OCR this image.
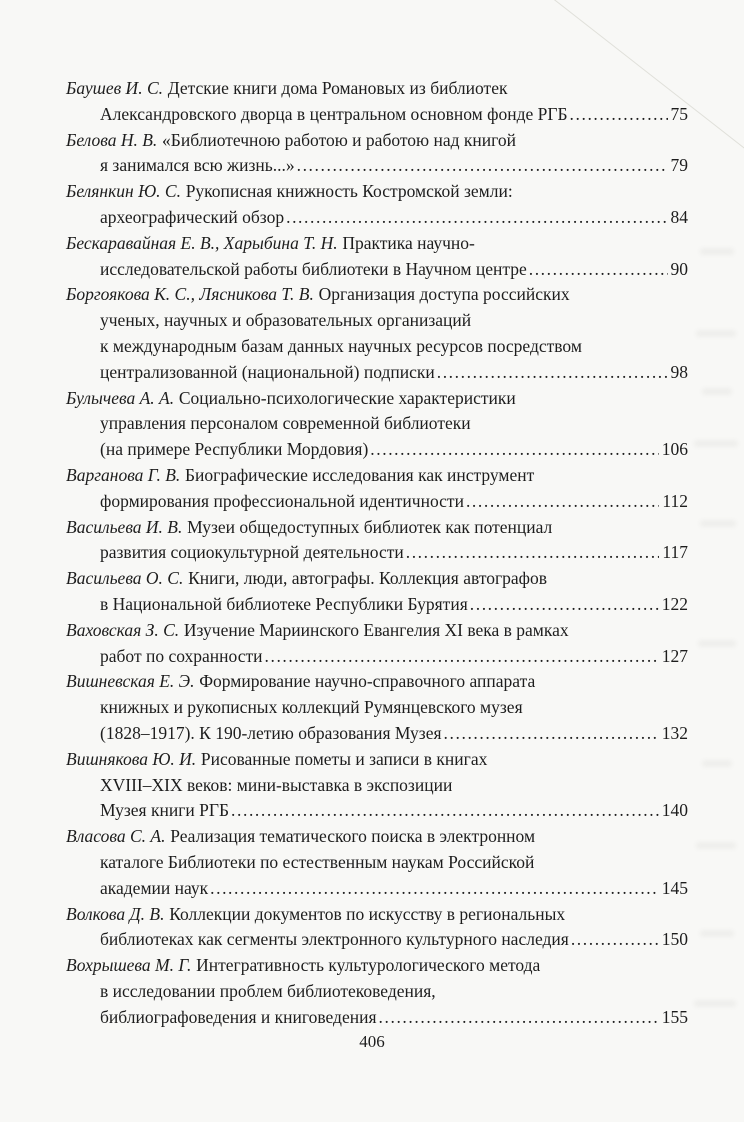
Баушев И. С. Детские книги дома Романовых из библиотек
Александровского дворца в центральном основном фонде РГБ .....	75
Белова Н. В. «Библиотечною работою и работою над книгой
я занимался всю жизнь...» .....	79
Белянкин Ю. С. Рукописная книжность Костромской земли:
археографический обзор .....	84
Бескаравайная Е. В., Харыбина Т. Н. Практика научно-
исследовательской работы библиотеки в Научном центре .....	90
Боргоякова К. С., Лясникова Т. В. Организация доступа российских
ученых, научных и образовательных организаций
к международным базам данных научных ресурсов посредством
централизованной (национальной) подписки .....	98
Булычева А. А. Социально-психологические характеристики
управления персоналом современной библиотеки
(на примере Республики Мордовия) .....	106
Варганова Г. В. Биографические исследования как инструмент
формирования профессиональной идентичности .....	112
Васильева И. В. Музеи общедоступных библиотек как потенциал
развития социокультурной деятельности .....	117
Васильева О. С. Книги, люди, автографы. Коллекция автографов
в Национальной библиотеке Республики Бурятия .....	122
Ваховская З. С. Изучение Мариинского Евангелия XI века в рамках
работ по сохранности .....	127
Вишневская Е. Э. Формирование научно-справочного аппарата
книжных и рукописных коллекций Румянцевского музея
(1828–1917). К 190-летию образования Музея .....	132
Вишнякова Ю. И. Рисованные пометы и записи в книгах
XVIII–XIX веков: мини-выставка в экспозиции
Музея книги РГБ .....	140
Власова С. А. Реализация тематического поиска в электронном
каталоге Библиотеки по естественным наукам Российской
академии наук .....	145
Волкова Д. В. Коллекции документов по искусству в региональных
библиотеках как сегменты электронного культурного наследия .....	150
Вохрышева М. Г. Интегративность культурологического метода
в исследовании проблем библиотековедения,
библиографоведения и книговедения .....	155
406
